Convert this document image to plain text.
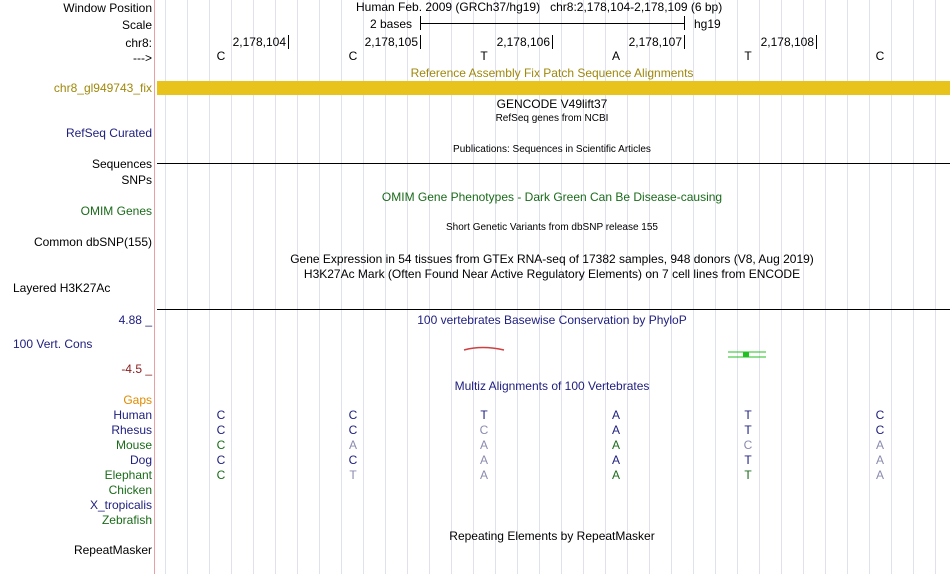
Window Position	Human Feb. 2009 (GRCh37/hg19)   chr8:2,178,104-2,178,109 (6 bp)
Scale	2 bases	hg19
chr8:	2,178,104	2,178,105	2,178,106	2,178,107	2,178,108
--->	C	C	T	A	T	C
Reference Assembly Fix Patch Sequence Alignments
chr8_gl949743_fix
GENCODE V49lift37
RefSeq genes from NCBI
RefSeq Curated
Publications: Sequences in Scientific Articles
Sequences
SNPs
OMIM Gene Phenotypes - Dark Green Can Be Disease-causing
OMIM Genes
Short Genetic Variants from dbSNP release 155
Common dbSNP(155)
Gene Expression in 54 tissues from GTEx RNA-seq of 17382 samples, 948 donors (V8, Aug 2019)
H3K27Ac Mark (Often Found Near Active Regulatory Elements) on 7 cell lines from ENCODE
Layered H3K27Ac
4.88 _	100 vertebrates Basewise Conservation by PhyloP
100 Vert. Cons
-4.5 _
Multiz Alignments of 100 Vertebrates
Gaps
Human	C	C	T	A	T	C
Rhesus	C	C	C	A	T	C
Mouse	C	A	A	A	C	A
Dog	C	C	A	A	T	A
Elephant	C	T	A	A	T	A
Chicken
X_tropicalis
Zebrafish
Repeating Elements by RepeatMasker
RepeatMasker
